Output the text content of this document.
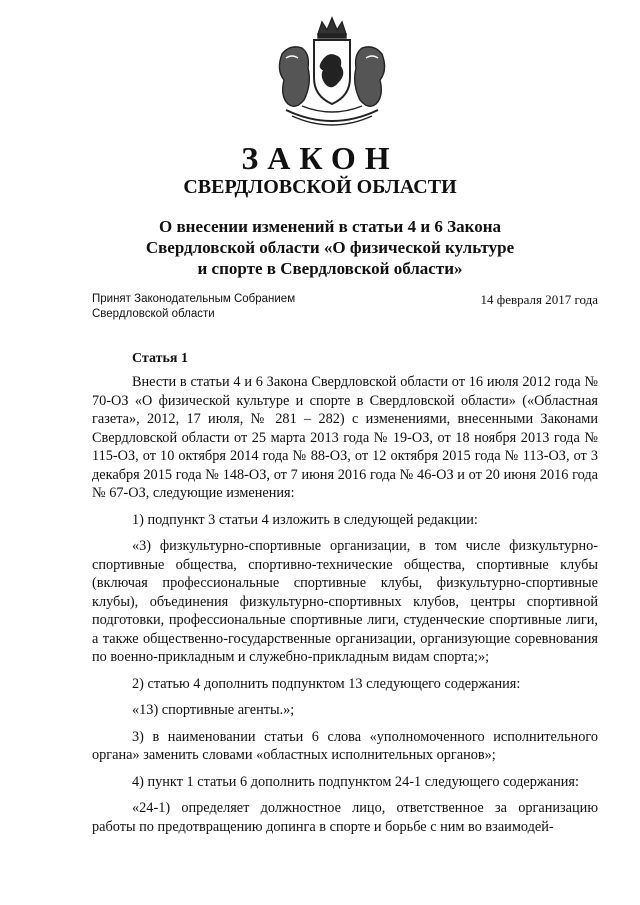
ЗАКОН
СВЕРДЛОВСКОЙ ОБЛАСТИ
О внесении изменений в статьи 4 и 6 Закона
Свердловской области «О физической культуре
и спорте в Свердловской области»
Принят Законодательным Собранием
Свердловской области
14 февраля 2017 года
Статья 1

Внести в статьи 4 и 6 Закона Свердловской области от 16 июля 2012 года № 70-ОЗ «О физической культуре и спорте в Свердловской области» («Областная газета», 2012, 17 июля, № 281 – 282) с изменениями, внесенными Законами Свердловской области от 25 марта 2013 года № 19-ОЗ, от 18 ноября 2013 года № 115-ОЗ, от 10 октября 2014 года № 88-ОЗ, от 12 октября 2015 года № 113-ОЗ, от 3 декабря 2015 года № 148-ОЗ, от 7 июня 2016 года № 46-ОЗ и от 20 июня 2016 года № 67-ОЗ, следующие изменения:

1) подпункт 3 статьи 4 изложить в следующей редакции:

«3) физкультурно-спортивные организации, в том числе физкультурно-спортивные общества, спортивно-технические общества, спортивные клубы (включая профессиональные спортивные клубы, физкультурно-спортивные клубы), объединения физкультурно-спортивных клубов, центры спортивной подготовки, профессиональные спортивные лиги, студенческие спортивные лиги, а также общественно-государственные организации, организующие соревнования по военно-прикладным и служебно-прикладным видам спорта;»;

2) статью 4 дополнить подпунктом 13 следующего содержания:

«13) спортивные агенты.»;

3) в наименовании статьи 6 слова «уполномоченного исполнительного органа» заменить словами «областных исполнительных органов»;

4) пункт 1 статьи 6 дополнить подпунктом 24-1 следующего содержания:

«24-1) определяет должностное лицо, ответственное за организацию работы по предотвращению допинга в спорте и борьбе с ним во взаимодей-
